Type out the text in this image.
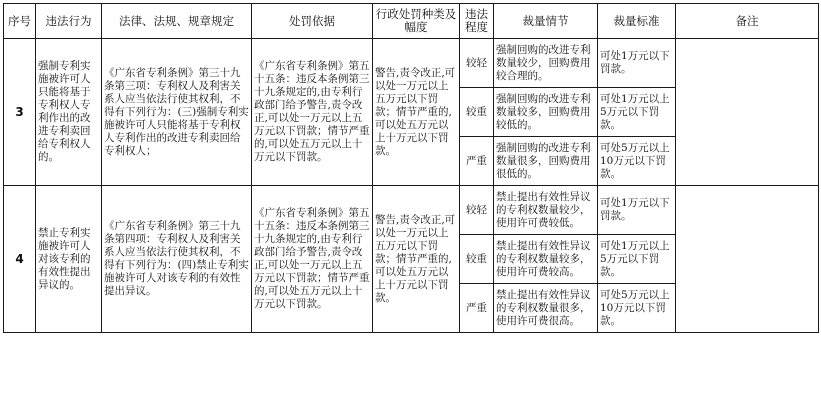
序号	违法行为	法律、法规、规章规定	处罚依据	行政处罚种类及幅度	违法程度	裁量情节	裁量标准	备注
3	强制专利实施被许可人只能将基于专利权人专利作出的改进专利卖回给专利权人的。	《广东省专利条例》第三十九条第三项：专利权人及利害关系人应当依法行使其权利，不得有下列行为：(三)强制专利实施被许可人只能将基于专利权人专利作出的改进专利卖回给专利权人；	《广东省专利条例》第五十五条：违反本条例第三十九条规定的,由专利行政部门给予警告,责令改正,可以处一万元以上五万元以下罚款；情节严重的,可以处五万元以上十万元以下罚款。	警告,责令改正,可以处一万元以上五万元以下罚款；情节严重的,可以处五万元以上十万元以下罚款。	较轻	强制回购的改进专利数量较少，回购费用较合理的。	可处1万元以下罚款。	
					较重	强制回购的改进专利数量较多，回购费用较低的。	可处1万元以上5万元以下罚款。	
					严重	强制回购的改进专利数量很多，回购费用很低的。	可处5万元以上10万元以下罚款。	
4	禁止专利实施被许可人对该专利的有效性提出异议的。	《广东省专利条例》第三十九条第四项：专利权人及利害关系人应当依法行使其权利，不得有下列行为：(四)禁止专利实施被许可人对该专利的有效性提出异议。	《广东省专利条例》第五十五条：违反本条例第三十九条规定的,由专利行政部门给予警告,责令改正,可以处一万元以上五万元以下罚款；情节严重的,可以处五万元以上十万元以下罚款。	警告,责令改正,可以处一万元以上五万元以下罚款；情节严重的,可以处五万元以上十万元以下罚款。	较轻	禁止提出有效性异议的专利权数量较少，使用许可费较低。	可处1万元以下罚款。	
					较重	禁止提出有效性异议的专利权数量较多，使用许可费较高。	可处1万元以上5万元以下罚款。	
					严重	禁止提出有效性异议的专利权数量很多，使用许可费很高。	可处5万元以上10万元以下罚款。	
